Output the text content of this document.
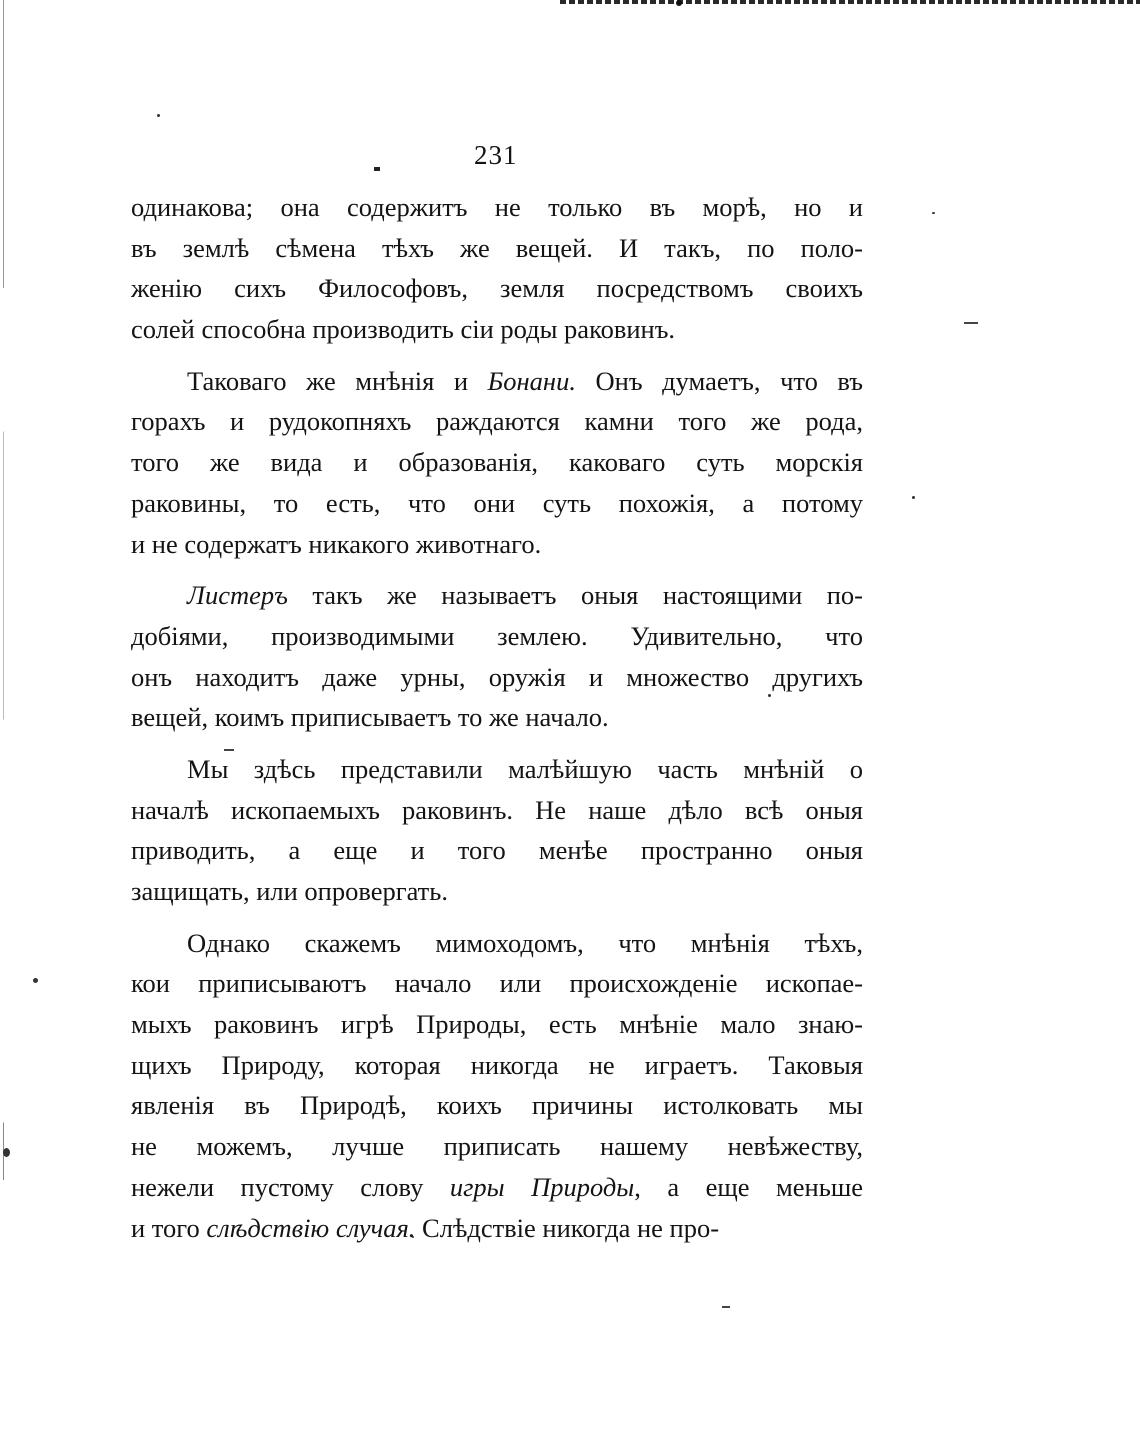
231
одинакова; она содержитъ не только въ морѣ, но и
въ землѣ сѣмена тѣхъ же вещей. И такъ, по поло-
женію сихъ Философовъ, земля посредствомъ своихъ
солей способна производить сіи роды раковинъ.
Таковаго же мнѣнія и Бонани. Онъ думаетъ, что въ
горахъ и рудокопняхъ раждаются камни того же рода,
того же вида и образованія, каковаго суть морскія
раковины, то есть, что они суть похожія, а потому
и не содержатъ никакого животнаго.
Листеръ такъ же называетъ оныя настоящими по-
добіями, производимыми землею. Удивительно, что
онъ находитъ даже урны, оружія и множество другихъ
вещей, коимъ приписываетъ то же начало.
Мы здѣсь представили малѣйшую часть мнѣній о
началѣ ископаемыхъ раковинъ. Не наше дѣло всѣ оныя
приводить, а еще и того менѣе пространно оныя
защищать, или опровергать.
Однако скажемъ мимоходомъ, что мнѣнія тѣхъ,
кои приписываютъ начало или происхожденіе ископае-
мыхъ раковинъ игрѣ Природы, есть мнѣніе мало знаю-
щихъ Природу, которая никогда не играетъ. Таковыя
явленія въ Природѣ, коихъ причины истолковать мы
не можемъ, лучше приписать нашему невѣжеству,
нежели пустому слову игры Природы, а еще меньше
и того слѣдствію случая. Слѣдствіе никогда не про-
